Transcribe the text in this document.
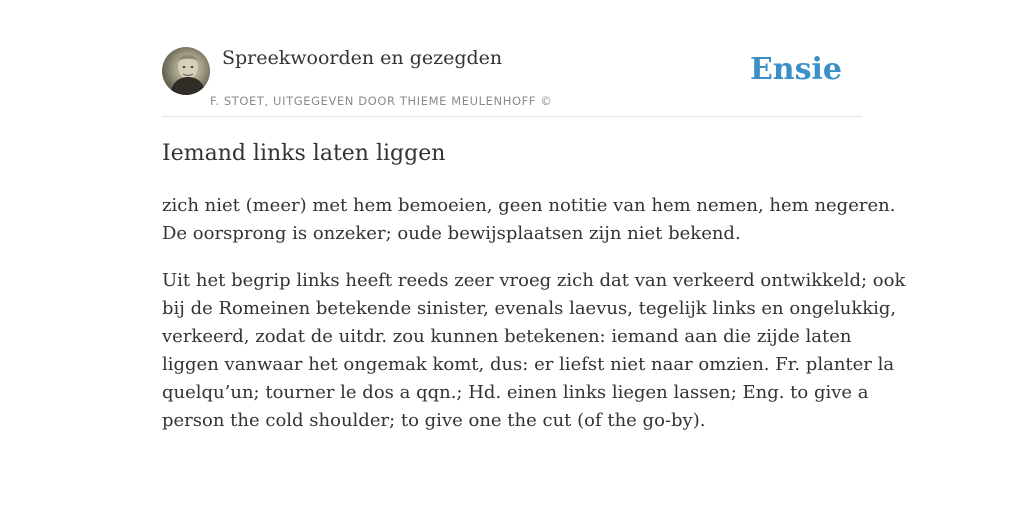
Spreekwoorden en gezegden
F. STOET, UITGEGEVEN DOOR THIEME MEULENHOFF ©
Ensie
Iemand links laten liggen

zich niet (meer) met hem bemoeien, geen notitie van hem nemen, hem negeren.
De oorsprong is onzeker; oude bewijsplaatsen zijn niet bekend.

Uit het begrip links heeft reeds zeer vroeg zich dat van verkeerd ontwikkeld; ook
bij de Romeinen betekende sinister, evenals laevus, tegelijk links en ongelukkig,
verkeerd, zodat de uitdr. zou kunnen betekenen: iemand aan die zijde laten
liggen vanwaar het ongemak komt, dus: er liefst niet naar omzien. Fr. planter la
quelqu’un; tourner le dos a qqn.; Hd. einen links liegen lassen; Eng. to give a
person the cold shoulder; to give one the cut (of the go-by).
